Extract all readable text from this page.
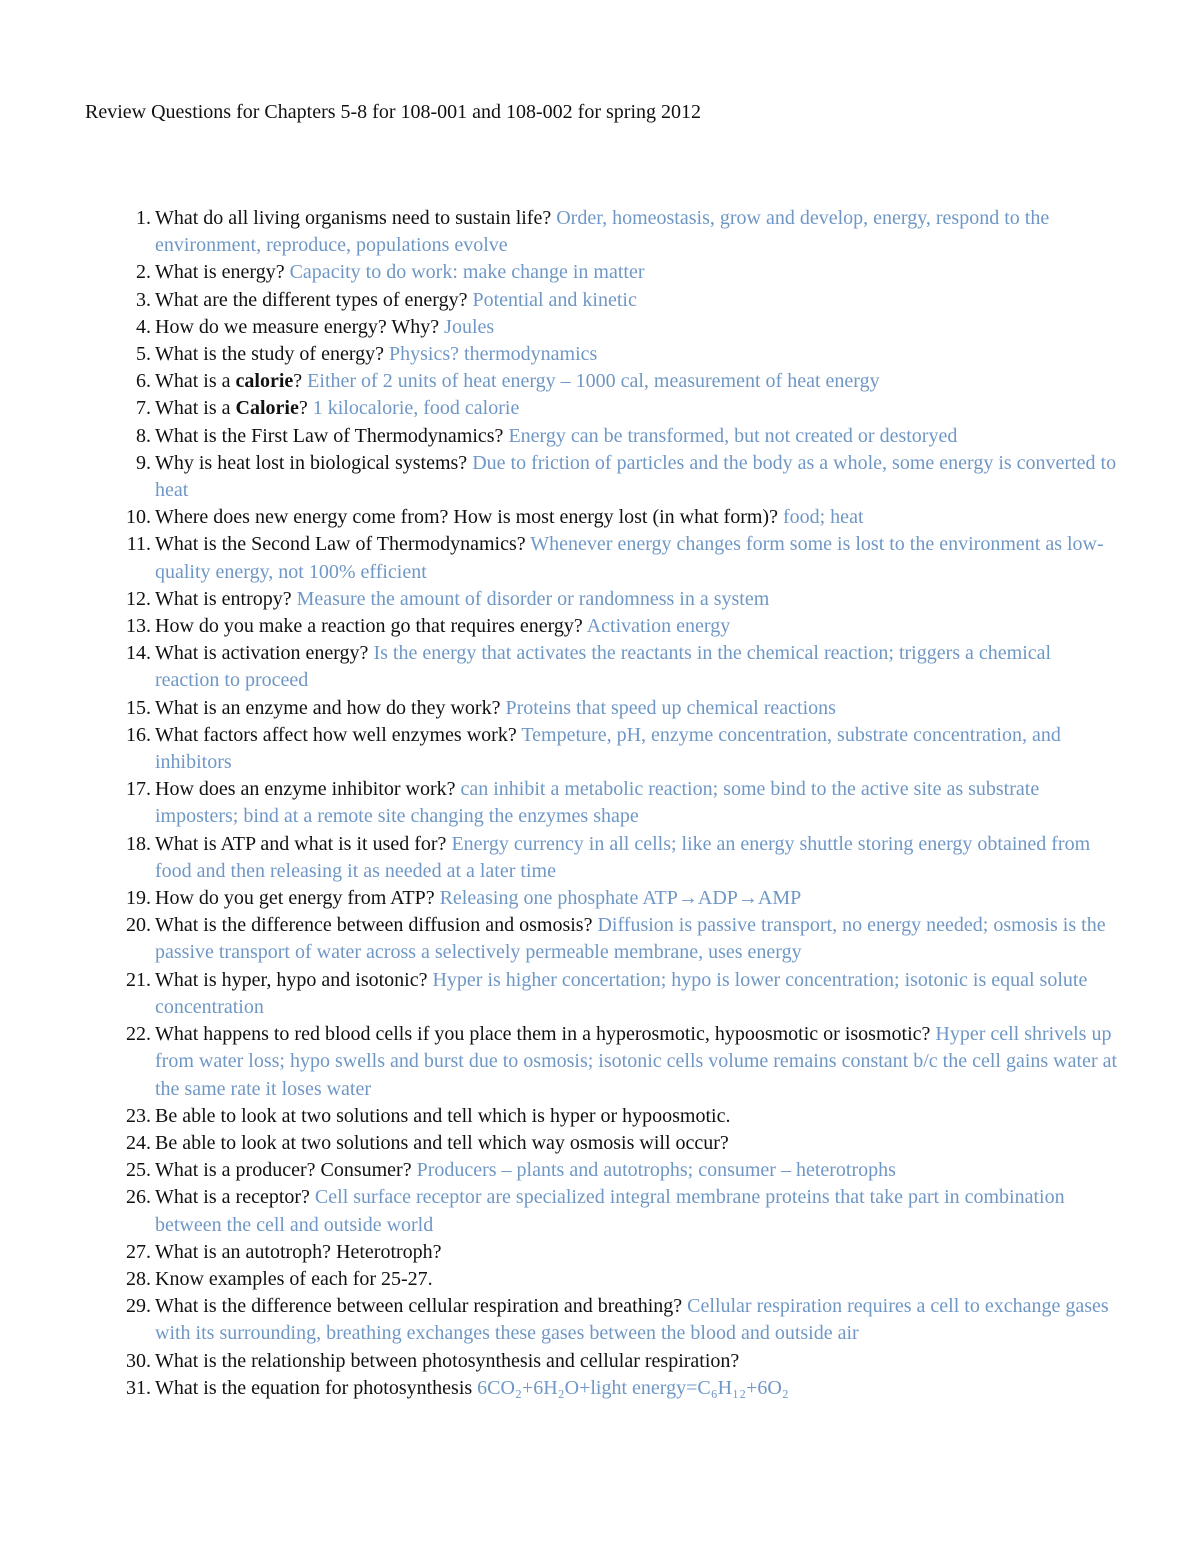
Review Questions for Chapters 5-8 for 108-001 and 108-002 for spring 2012
1. What do all living organisms need to sustain life? Order, homeostasis, grow and develop, energy, respond to the environment, reproduce, populations evolve
2. What is energy? Capacity to do work: make change in matter
3. What are the different types of energy? Potential and kinetic
4. How do we measure energy? Why? Joules
5. What is the study of energy? Physics? thermodynamics
6. What is a calorie? Either of 2 units of heat energy – 1000 cal, measurement of heat energy
7. What is a Calorie? 1 kilocalorie, food calorie
8. What is the First Law of Thermodynamics? Energy can be transformed, but not created or destoryed
9. Why is heat lost in biological systems? Due to friction of particles and the body as a whole, some energy is converted to heat
10. Where does new energy come from? How is most energy lost (in what form)? food; heat
11. What is the Second Law of Thermodynamics? Whenever energy changes form some is lost to the environment as low-quality energy, not 100% efficient
12. What is entropy? Measure the amount of disorder or randomness in a system
13. How do you make a reaction go that requires energy? Activation energy
14. What is activation energy? Is the energy that activates the reactants in the chemical reaction; triggers a chemical reaction to proceed
15. What is an enzyme and how do they work? Proteins that speed up chemical reactions
16. What factors affect how well enzymes work? Tempeture, pH, enzyme concentration, substrate concentration, and inhibitors
17. How does an enzyme inhibitor work? can inhibit a metabolic reaction; some bind to the active site as substrate imposters; bind at a remote site changing the enzymes shape
18. What is ATP and what is it used for? Energy currency in all cells; like an energy shuttle storing energy obtained from food and then releasing it as needed at a later time
19. How do you get energy from ATP? Releasing one phosphate ATP→ADP→AMP
20. What is the difference between diffusion and osmosis? Diffusion is passive transport, no energy needed; osmosis is the passive transport of water across a selectively permeable membrane, uses energy
21. What is hyper, hypo and isotonic? Hyper is higher concertation; hypo is lower concentration; isotonic is equal solute concentration
22. What happens to red blood cells if you place them in a hyperosmotic, hypoosmotic or isosmotic? Hyper cell shrivels up from water loss; hypo swells and burst due to osmosis; isotonic cells volume remains constant b/c the cell gains water at the same rate it loses water
23. Be able to look at two solutions and tell which is hyper or hypoosmotic.
24. Be able to look at two solutions and tell which way osmosis will occur?
25. What is a producer? Consumer? Producers – plants and autotrophs; consumer – heterotrophs
26. What is a receptor? Cell surface receptor are specialized integral membrane proteins that take part in combination between the cell and outside world
27. What is an autotroph? Heterotroph?
28. Know examples of each for 25-27.
29. What is the difference between cellular respiration and breathing? Cellular respiration requires a cell to exchange gases with its surrounding, breathing exchanges these gases between the blood and outside air
30. What is the relationship between photosynthesis and cellular respiration?
31. What is the equation for photosynthesis 6CO₂+6H₂O+light energy=C₆H₁₂+6O₂
